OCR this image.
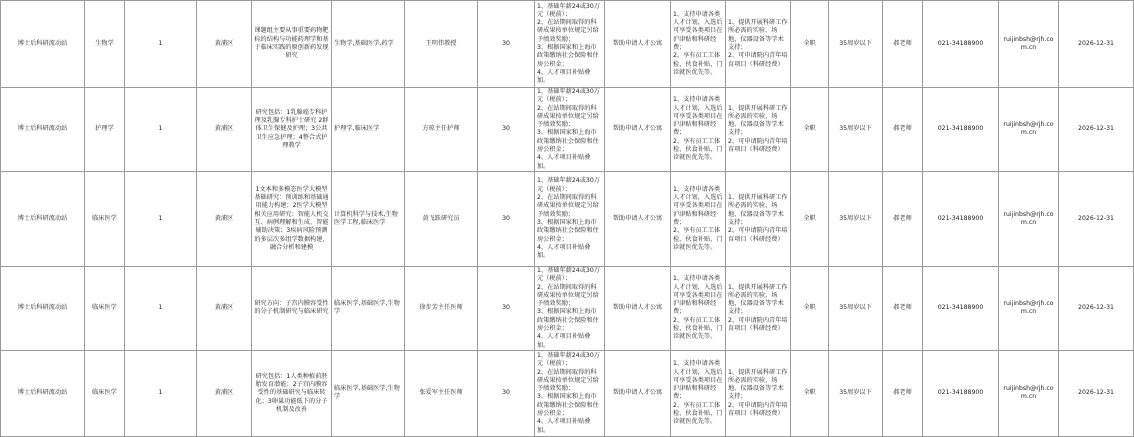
博士后科研流动站	生物学	1	黄浦区	课题组主要从事重要药物靶标的结构与功能药理学和基于临床实践的原创新药发现研究	生物学,基础医学,药学	王明伟教授	30	1、基础年薪24或30万元（税前）；
2、在站期间取得的科研成果按单位规定另给予绩效奖励；
3、根据国家和上海市政策缴纳社会保险和住房公积金；
4、人才项目补贴叠加。	帮助申请人才公寓	1、支持申请各类人才计划，入选后可享受各类项目在沪津贴和科研经费；
2、享有员工工体检、伙食补贴、门诊就医优先等。	1、提供开展科研工作所必需的实验、场地、仪器设备等学术支持；
2、可申请院内青年培育项目（科研经费）	全职	35周岁以下	郝老师	021-34188900	ruijinbsh@rjh.com.cn	2026-12-31
博士后科研流动站	护理学	1	黄浦区	研究包括：1乳腺癌专科护理及乳腺专科护士研究 2群体卫生保健及护理；3公共卫生应急护理；4整合式护理教学	护理学,临床医学	方琼主任护师	30	1、基础年薪24或30万元（税前）；
2、在站期间取得的科研成果按单位规定另给予绩效奖励；
3、根据国家和上海市政策缴纳社会保险和住房公积金；
4、人才项目补贴叠加。	帮助申请人才公寓	1、支持申请各类人才计划，入选后可享受各类项目在沪津贴和科研经费；
2、享有员工工体检、伙食补贴、门诊就医优先等。	1、提供开展科研工作所必需的实验、场地、仪器设备等学术支持；
2、可申请院内青年培育项目（科研经费）	全职	35周岁以下	郝老师	021-34188900	ruijinbsh@rjh.com.cn	2026-12-31
博士后科研流动站	临床医学	1	黄浦区	1文本和多模态医学大模型基础研究：预训练和基础通用能力构建；2医学大模型相关应用研究：智能人机交互、病例理解和生成、智能辅助决策；3疾病风险预测的多层次多组学数据构建、融合分析和建模	计算机科学与技术,生物医学工程,临床医学	黄飞跃研究员	30	1、基础年薪24或30万元（税前）；
2、在站期间取得的科研成果按单位规定另给予绩效奖励；
3、根据国家和上海市政策缴纳社会保险和住房公积金；
4、人才项目补贴叠加。	帮助申请人才公寓	1、支持申请各类人才计划，入选后可享受各类项目在沪津贴和科研经费；
2、享有员工工体检、伙食补贴、门诊就医优先等。	1、提供开展科研工作所必需的实验、场地、仪器设备等学术支持；
2、可申请院内青年培育项目（科研经费）	全职	35周岁以下	郝老师	021-34188900	ruijinbsh@rjh.com.cn	2026-12-31
博士后科研流动站	临床医学	1	黄浦区	研究方向：子宫内膜容受性的分子机制研究与临床研究	临床医学,基础医学,生物学	徐步芳主任医师	30	1、基础年薪24或30万元（税前）；
2、在站期间取得的科研成果按单位规定另给予绩效奖励；
3、根据国家和上海市政策缴纳社会保险和住房公积金；
4、人才项目补贴叠加。	帮助申请人才公寓	1、支持申请各类人才计划，入选后可享受各类项目在沪津贴和科研经费；
2、享有员工工体检、伙食补贴、门诊就医优先等。	1、提供开展科研工作所必需的实验、场地、仪器设备等学术支持；
2、可申请院内青年培育项目（科研经费）	全职	35周岁以下	郝老师	021-34188900	ruijinbsh@rjh.com.cn	2026-12-31
博士后科研流动站	临床医学	1	黄浦区	研究包括：1人类种植前胚胎发育潜能；2子宫内膜容受性的基础研究与临床转化；3卵巢功能低下的分子机制及改善	临床医学,基础医学,生物学	张爱军主任医师	30	1、基础年薪24或30万元（税前）；
2、在站期间取得的科研成果按单位规定另给予绩效奖励；
3、根据国家和上海市政策缴纳社会保险和住房公积金；
4、人才项目补贴叠加。	帮助申请人才公寓	1、支持申请各类人才计划，入选后可享受各类项目在沪津贴和科研经费；
2、享有员工工体检、伙食补贴、门诊就医优先等。	1、提供开展科研工作所必需的实验、场地、仪器设备等学术支持；
2、可申请院内青年培育项目（科研经费）	全职	35周岁以下	郝老师	021-34188900	ruijinbsh@rjh.com.cn	2026-12-31
